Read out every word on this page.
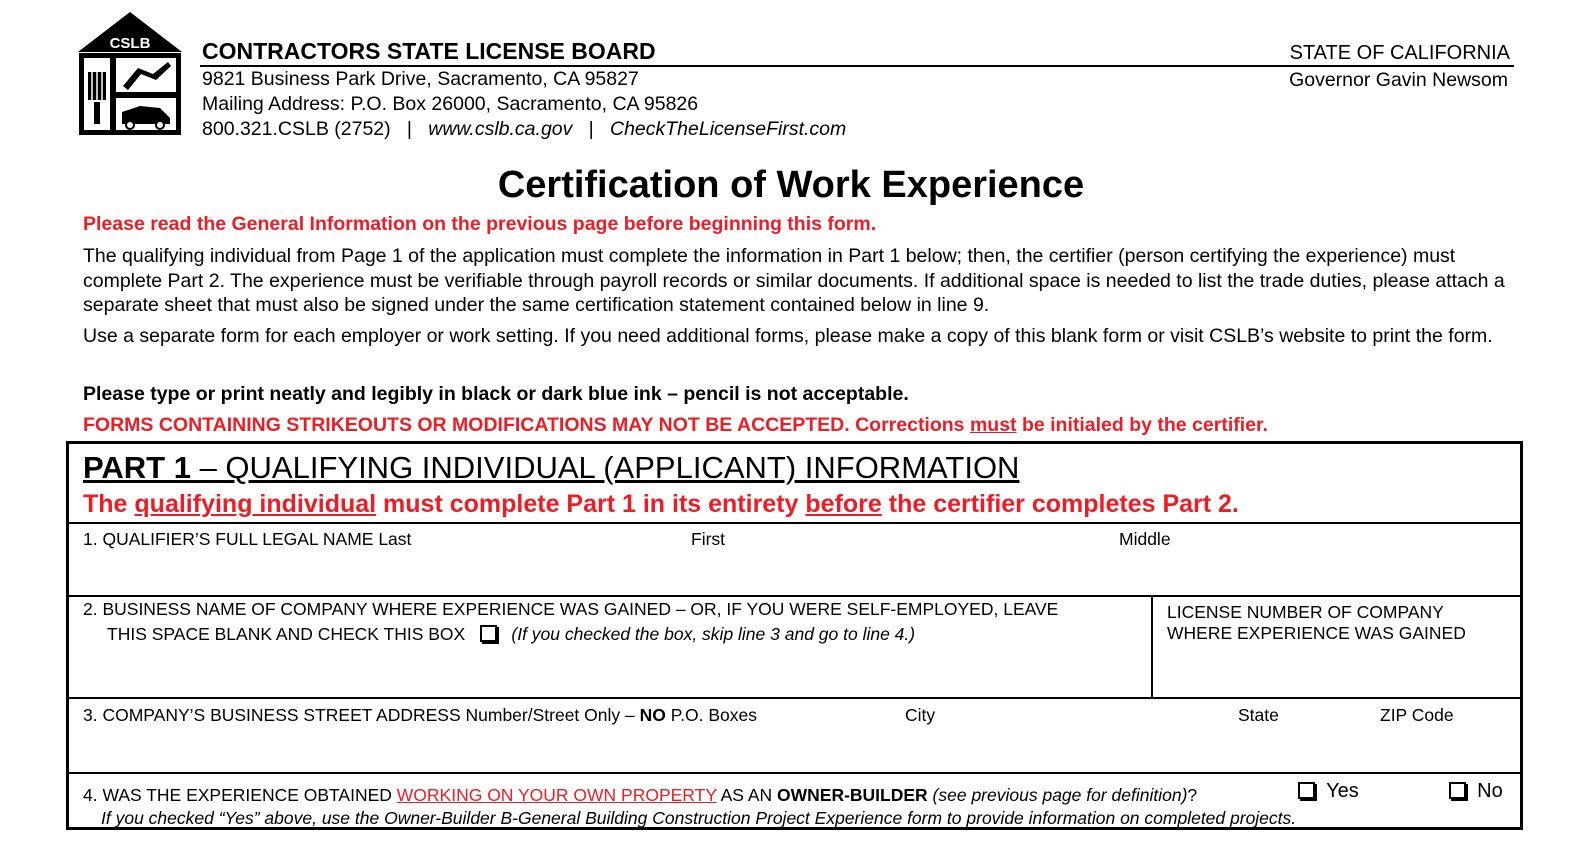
CSLB CONTRACTORS STATE LICENSE BOARD
9821 Business Park Drive, Sacramento, CA 95827
Mailing Address: P.O. Box 26000, Sacramento, CA 95826
800.321.CSLB (2752) | www.cslb.ca.gov | CheckTheLicenseFirst.com
STATE OF CALIFORNIA
Governor Gavin Newsom
Certification of Work Experience
Please read the General Information on the previous page before beginning this form.
The qualifying individual from Page 1 of the application must complete the information in Part 1 below; then, the certifier (person certifying the experience) must complete Part 2. The experience must be verifiable through payroll records or similar documents. If additional space is needed to list the trade duties, please attach a separate sheet that must also be signed under the same certification statement contained below in line 9.
Use a separate form for each employer or work setting. If you need additional forms, please make a copy of this blank form or visit CSLB’s website to print the form.
Please type or print neatly and legibly in black or dark blue ink – pencil is not acceptable.
FORMS CONTAINING STRIKEOUTS OR MODIFICATIONS MAY NOT BE ACCEPTED. Corrections must be initialed by the certifier.
PART 1 – QUALIFYING INDIVIDUAL (APPLICANT) INFORMATION
The qualifying individual must complete Part 1 in its entirety before the certifier completes Part 2.
1. QUALIFIER’S FULL LEGAL NAME Last	First	Middle
2. BUSINESS NAME OF COMPANY WHERE EXPERIENCE WAS GAINED – OR, IF YOU WERE SELF-EMPLOYED, LEAVE
THIS SPACE BLANK AND CHECK THIS BOX	(If you checked the box, skip line 3 and go to line 4.)
LICENSE NUMBER OF COMPANY
WHERE EXPERIENCE WAS GAINED
3. COMPANY’S BUSINESS STREET ADDRESS Number/Street Only – NO P.O. Boxes	City	State	ZIP Code
4. WAS THE EXPERIENCE OBTAINED WORKING ON YOUR OWN PROPERTY AS AN OWNER-BUILDER (see previous page for definition)?	Yes	No
If you checked “Yes” above, use the Owner-Builder B-General Building Construction Project Experience form to provide information on completed projects.
